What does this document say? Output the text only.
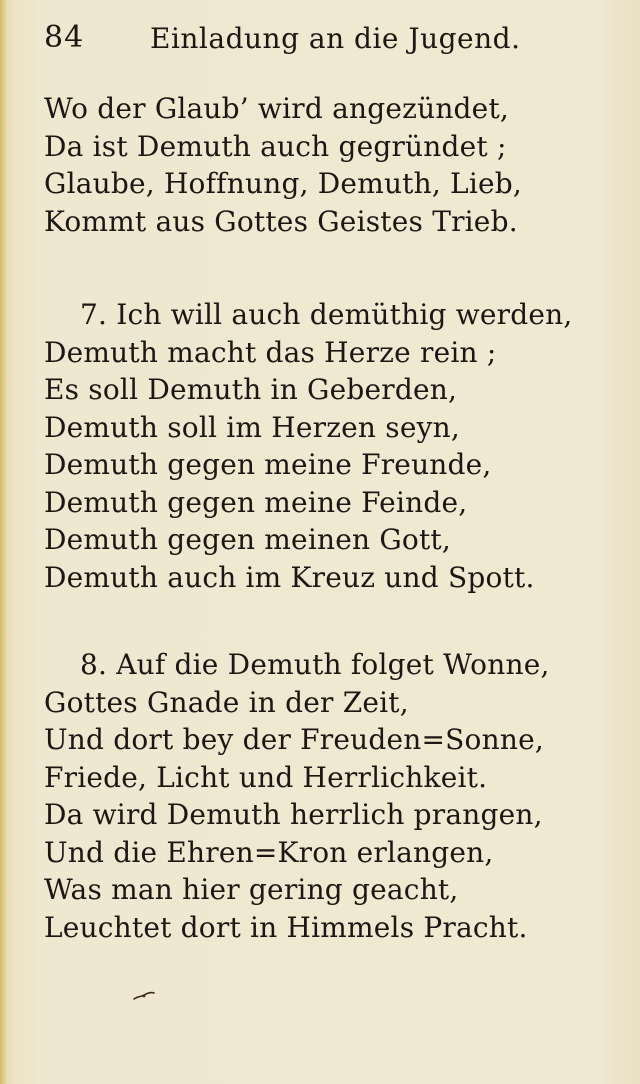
84 Einladung an die Jugend.
Wo der Glaub’ wird angezündet,
Da ist Demuth auch gegründet ;
Glaube, Hoffnung, Demuth, Lieb,
Kommt aus Gottes Geistes Trieb.
7. Ich will auch demüthig werden,
Demuth macht das Herze rein ;
Es soll Demuth in Geberden,
Demuth soll im Herzen seyn,
Demuth gegen meine Freunde,
Demuth gegen meine Feinde,
Demuth gegen meinen Gott,
Demuth auch im Kreuz und Spott.
8. Auf die Demuth folget Wonne,
Gottes Gnade in der Zeit,
Und dort bey der Freuden=Sonne,
Friede, Licht und Herrlichkeit.
Da wird Demuth herrlich prangen,
Und die Ehren=Kron erlangen,
Was man hier gering geacht,
Leuchtet dort in Himmels Pracht.
